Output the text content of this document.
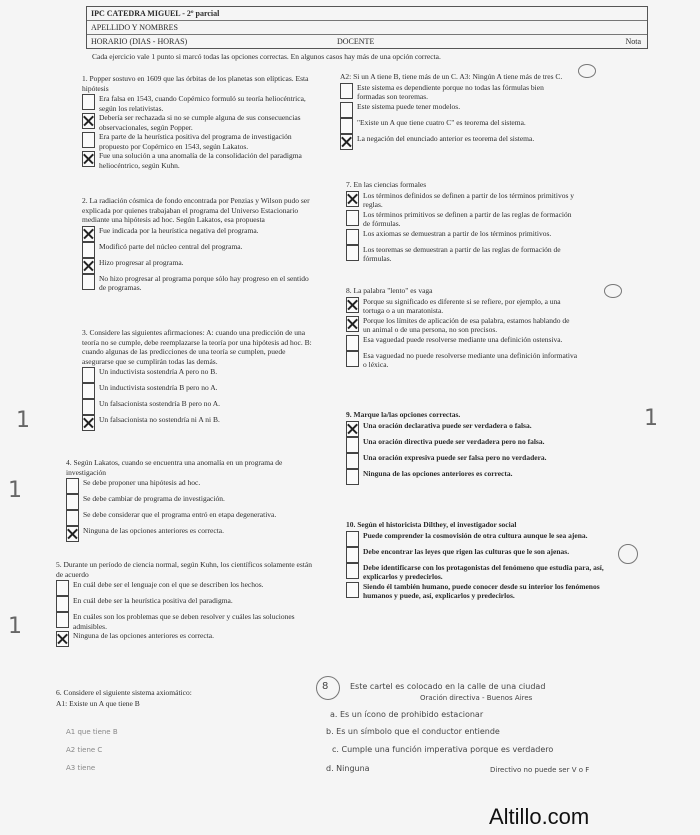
IPC CATEDRA MIGUEL - 2º parcial
APELLIDO Y NOMBRES
HORARIO (DIAS - HORAS)	DOCENTE	Nota
Cada ejercicio vale 1 punto si marcó todas las opciones correctas. En algunos casos hay más de una opción correcta.
1. Popper sostuvo en 1609 que las órbitas de los planetas son elípticas. Esta hipótesis
Era falsa en 1543, cuando Copérnico formuló su teoría heliocéntrica, según los relativistas.
Debería ser rechazada si no se cumple alguna de sus consecuencias observacionales, según Popper.
Era parte de la heurística positiva del programa de investigación propuesto por Copérnico en 1543, según Lakatos.
Fue una solución a una anomalía de la consolidación del paradigma heliocéntrico, según Kuhn.
2. La radiación cósmica de fondo encontrada por Penzias y Wilson pudo ser explicada por quienes trabajaban el programa del Universo Estacionario mediante una hipótesis ad hoc. Según Lakatos, esa propuesta
Fue indicada por la heurística negativa del programa.
Modificó parte del núcleo central del programa.
Hizo progresar al programa.
No hizo progresar al programa porque sólo hay progreso en el sentido de programas.
3. Considere las siguientes afirmaciones: A: cuando una predicción de una teoría no se cumple, debe reemplazarse la teoría por una hipótesis ad hoc. B: cuando algunas de las predicciones de una teoría se cumplen, puede asegurarse que se cumplirán todas las demás.
Un inductivista sostendría A pero no B.
Un inductivista sostendría B pero no A.
Un falsacionista sostendría B pero no A.
Un falsacionista no sostendría ni A ni B.
4. Según Lakatos, cuando se encuentra una anomalía en un programa de investigación
Se debe proponer una hipótesis ad hoc.
Se debe cambiar de programa de investigación.
Se debe considerar que el programa entró en etapa degenerativa.
Ninguna de las opciones anteriores es correcta.
5. Durante un período de ciencia normal, según Kuhn, los científicos solamente están de acuerdo
En cuál debe ser el lenguaje con el que se describen los hechos.
En cuál debe ser la heurística positiva del paradigma.
En cuáles son los problemas que se deben resolver y cuáles las soluciones admisibles.
Ninguna de las opciones anteriores es correcta.
6. Considere el siguiente sistema axiomático:
A1: Existe un A que tiene B
A2: Si un A tiene B, tiene más de un C. A3: Ningún A tiene más de tres C.
Este sistema es dependiente porque no todas las fórmulas bien formadas son teoremas.
Este sistema puede tener modelos.
"Existe un A que tiene cuatro C" es teorema del sistema.
La negación del enunciado anterior es teorema del sistema.
7. En las ciencias formales
Los términos definidos se definen a partir de los términos primitivos y reglas.
Los términos primitivos se definen a partir de las reglas de formación de fórmulas.
Los axiomas se demuestran a partir de los términos primitivos.
Los teoremas se demuestran a partir de las reglas de formación de fórmulas.
8. La palabra "lento" es vaga
Porque su significado es diferente si se refiere, por ejemplo, a una tortuga o a un maratonista.
Porque los límites de aplicación de esa palabra, estamos hablando de un animal o de una persona, no son precisos.
Esa vaguedad puede resolverse mediante una definición ostensiva.
Esa vaguedad no puede resolverse mediante una definición informativa o léxica.
9. Marque la/las opciones correctas.
Una oración declarativa puede ser verdadera o falsa.
Una oración directiva puede ser verdadera pero no falsa.
Una oración expresiva puede ser falsa pero no verdadera.
Ninguna de las opciones anteriores es correcta.
10. Según el historicista Dilthey, el investigador social
Puede comprender la cosmovisión de otra cultura aunque le sea ajena.
Debe encontrar las leyes que rigen las culturas que le son ajenas.
Debe identificarse con los protagonistas del fenómeno que estudia para, así, explicarlos y predecirlos.
Siendo él también humano, puede conocer desde su interior los fenómenos humanos y puede, así, explicarlos y predecirlos.
8	Este cartel es colocado en la calle de una ciudad
Oración directiva - Buenos Aires
a. Es un ícono de prohibido estacionar
b. Es un símbolo que el conductor entiende
c. Cumple una función imperativa porque es verdadero
d. Ninguna	Directivo no puede ser V o F
A1 que tiene B
A2 tiene C
A3 tiene
1
1
1
1
Altillo.com
